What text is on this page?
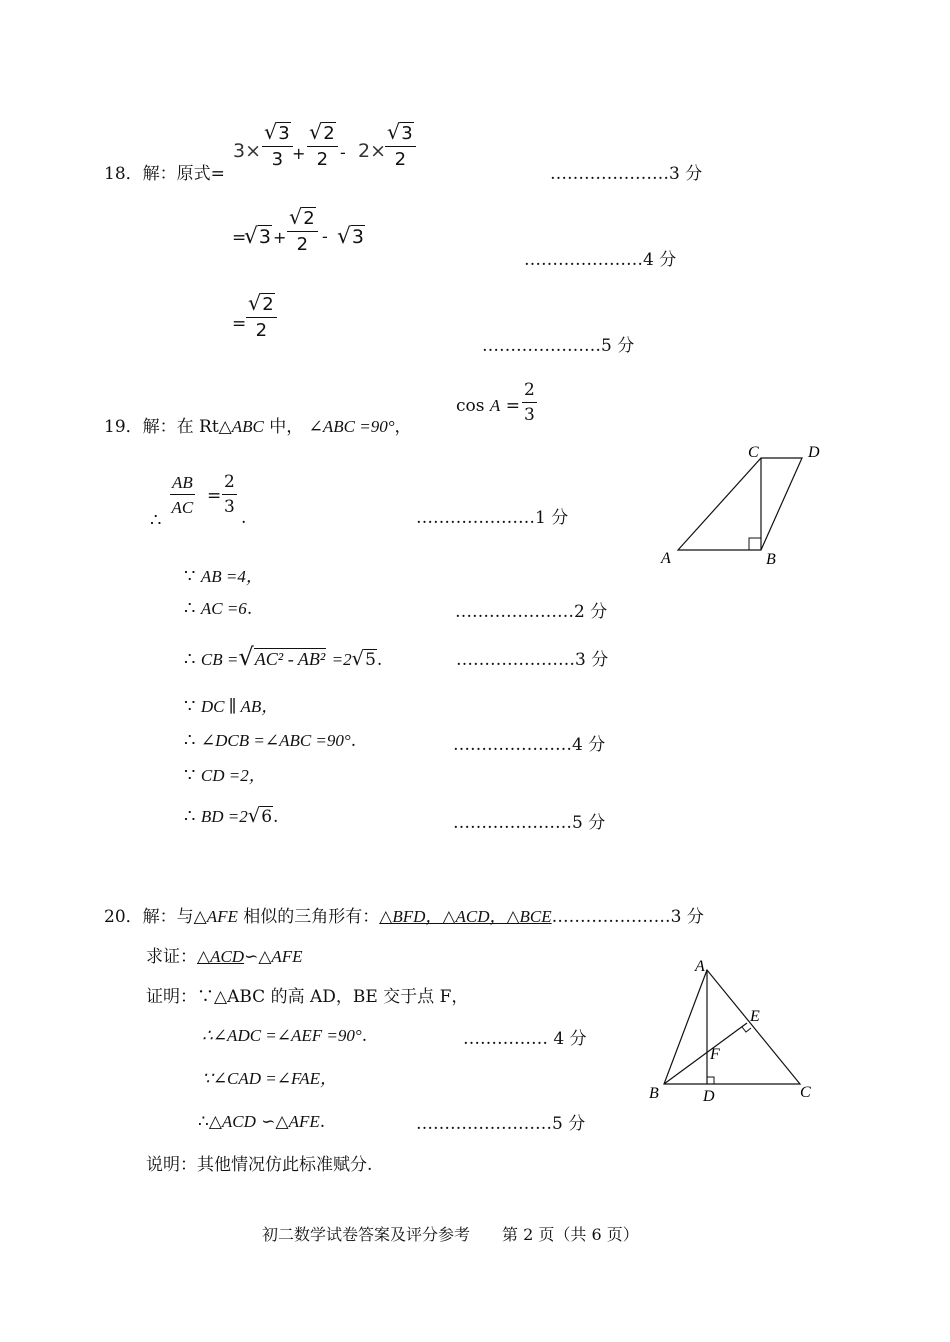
18．解：原式=
3×
√3
3 +
√2
2 - 2×
√3
2
…………………3 分
=
√3 +
√2
2 - √3
…………………4 分
=
√2
2
…………………5 分
19．解：在 Rt△ABC 中， ∠ABC =90°，
cos A =
2
3
∴
AB
AC
=
2
3
.	…………………1 分
∵ AB =4，
∴ AC =6.	…………………2 分
∴ CB =√AC² - AB² =2√5.	…………………3 分
∵ DC ∥ AB，
∴ ∠DCB =∠ABC =90°.	…………………4 分
∵ CD =2，
∴ BD =2√6.	…………………5 分
C	D
A	B
20．解：与△AFE 相似的三角形有：△BFD，△ACD，△BCE…………………3 分
求证：△ACD∽△AFE
证明：∵△ABC 的高 AD，BE 交于点 F，
∴∠ADC =∠AEF =90°.	…………… 4 分
∵∠CAD =∠FAE，
∴△ACD ∽△AFE.	……………………5 分
说明：其他情况仿此标准赋分.
A
E
F
B	D	C
初二数学试卷答案及评分参考　　第 2 页（共 6 页）
